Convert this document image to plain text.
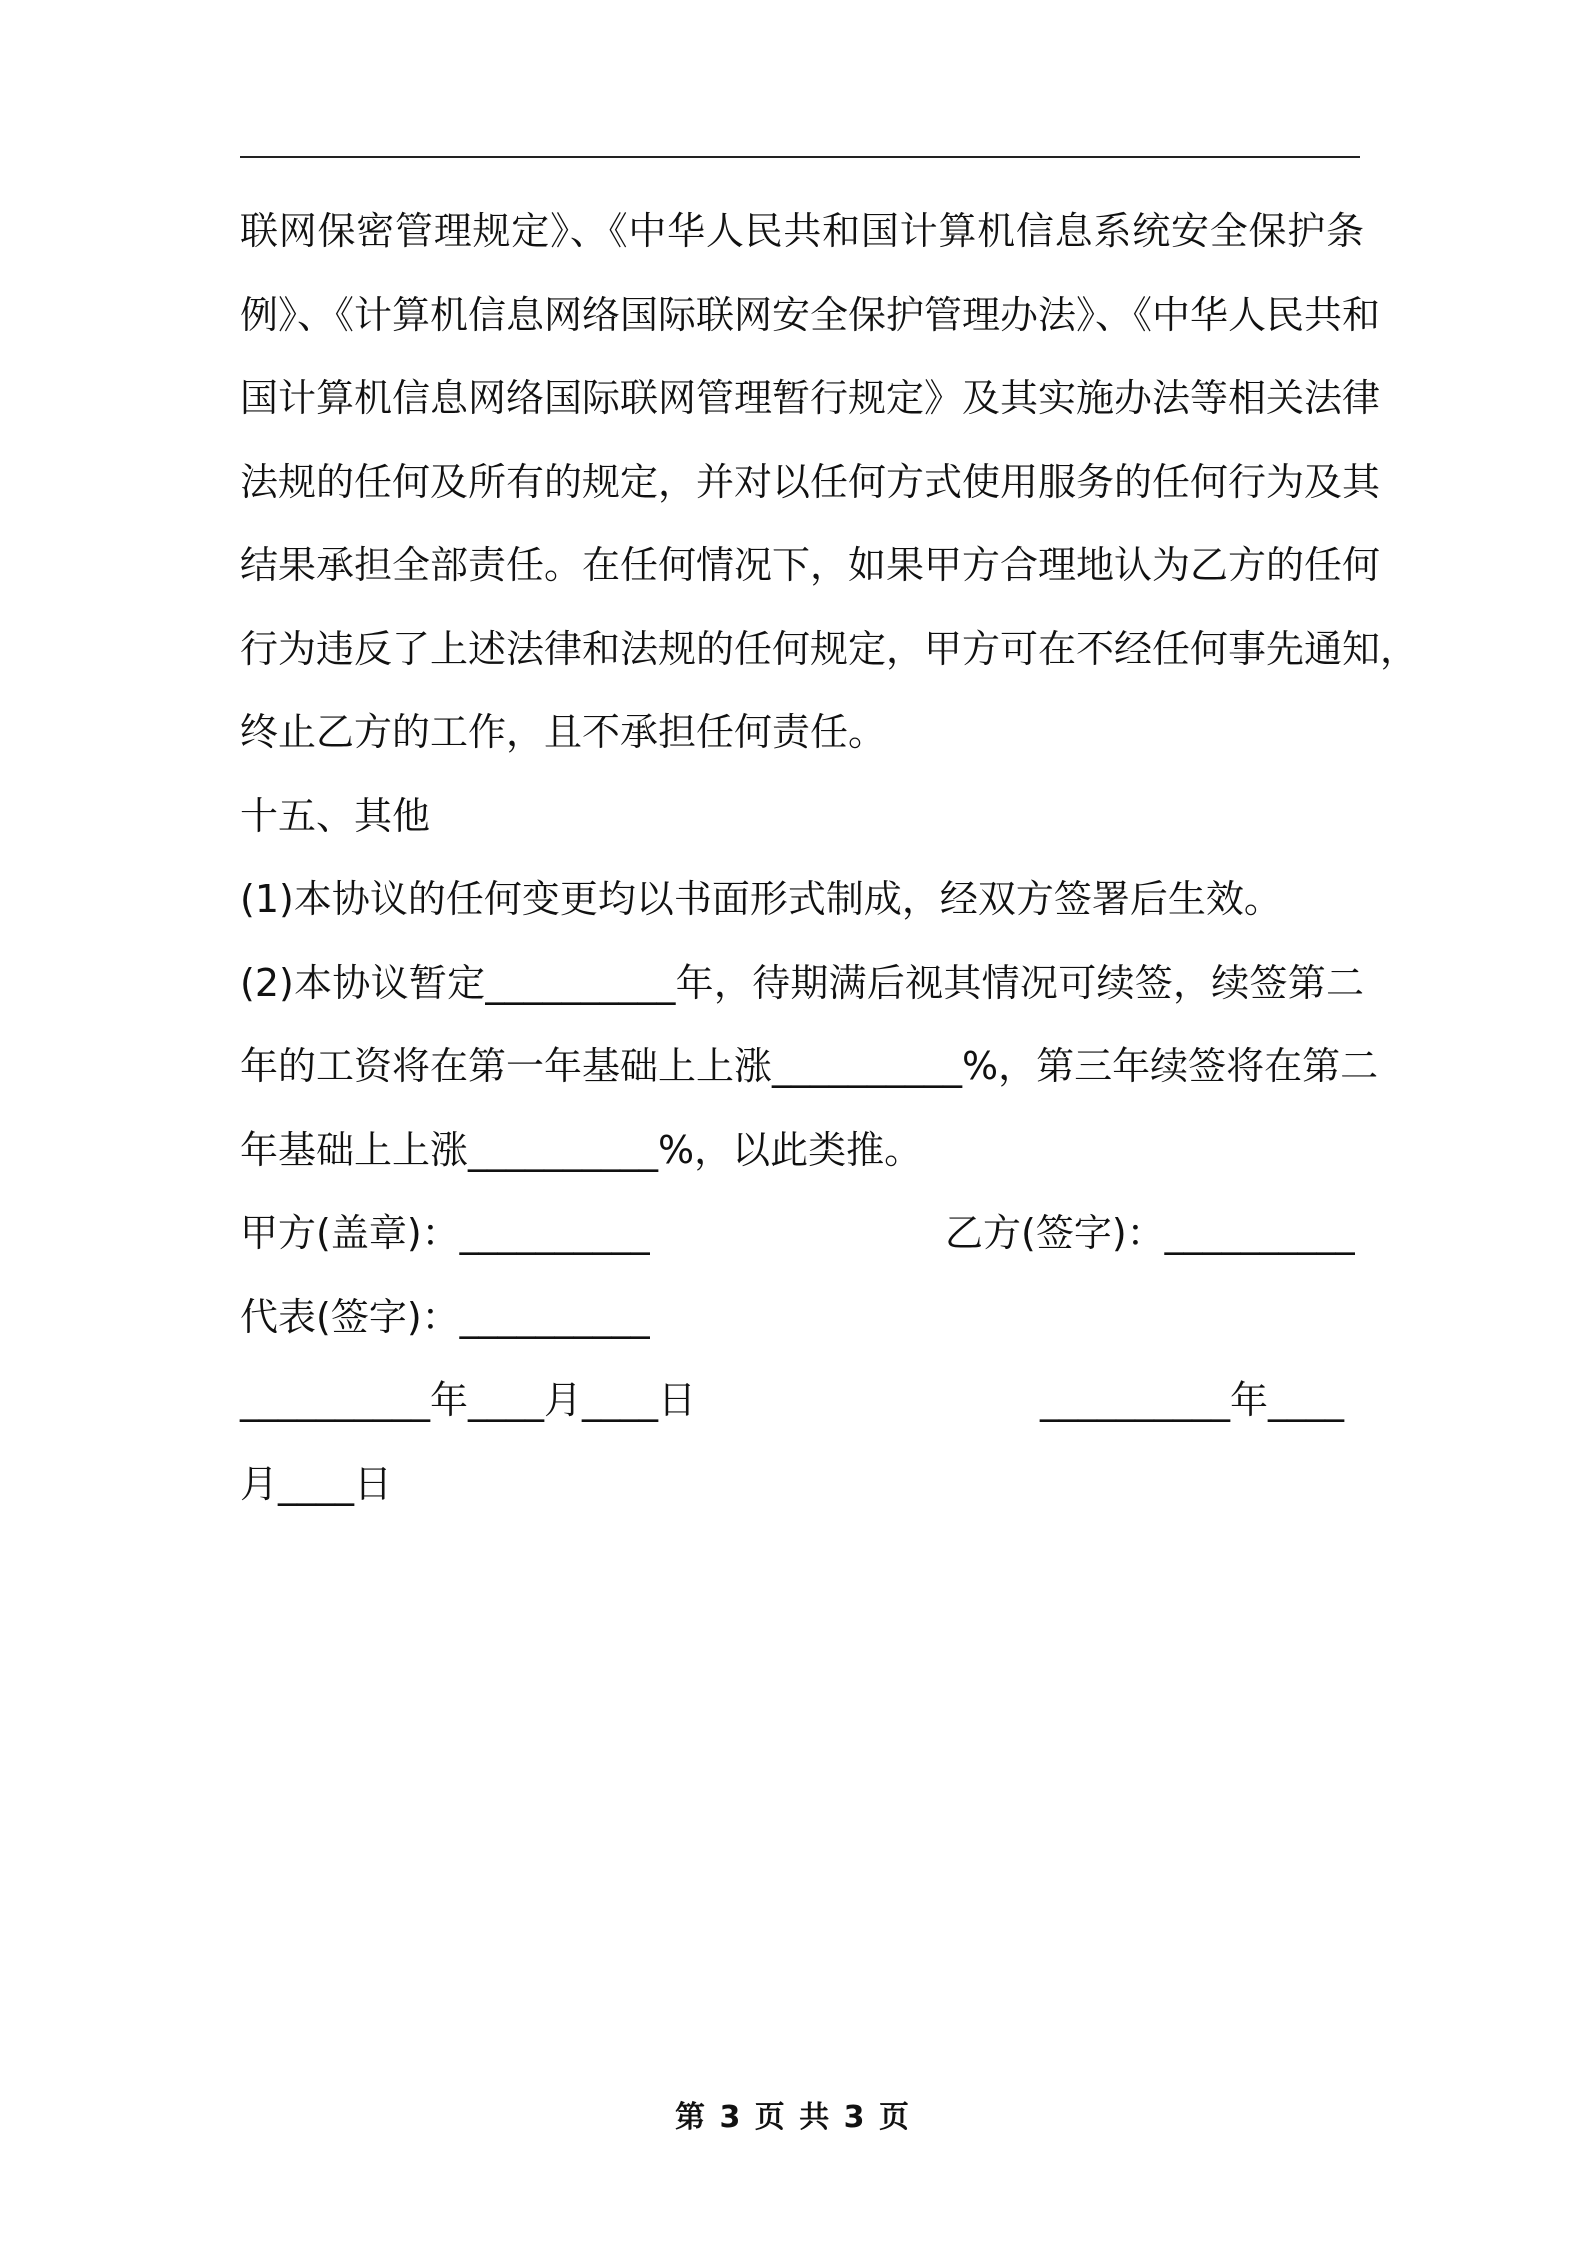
联网保密管理规定》、《中华人民共和国计算机信息系统安全保护条
例》、《计算机信息网络国际联网安全保护管理办法》、《中华人民共和
国计算机信息网络国际联网管理暂行规定》及其实施办法等相关法律
法规的任何及所有的规定，并对以任何方式使用服务的任何行为及其
结果承担全部责任。在任何情况下，如果甲方合理地认为乙方的任何
行为违反了上述法律和法规的任何规定，甲方可在不经任何事先通知，
终止乙方的工作，且不承担任何责任。
十五、其他
(1)本协议的任何变更均以书面形式制成，经双方签署后生效。
(2)本协议暂定__________年，待期满后视其情况可续签，续签第二
年的工资将在第一年基础上上涨__________%，第三年续签将在第二
年基础上上涨__________%，以此类推。
甲方(盖章)：__________	乙方(签字)：__________
代表(签字)：__________
__________年____月____日	__________年____
月____日
第 3 页 共 3 页
